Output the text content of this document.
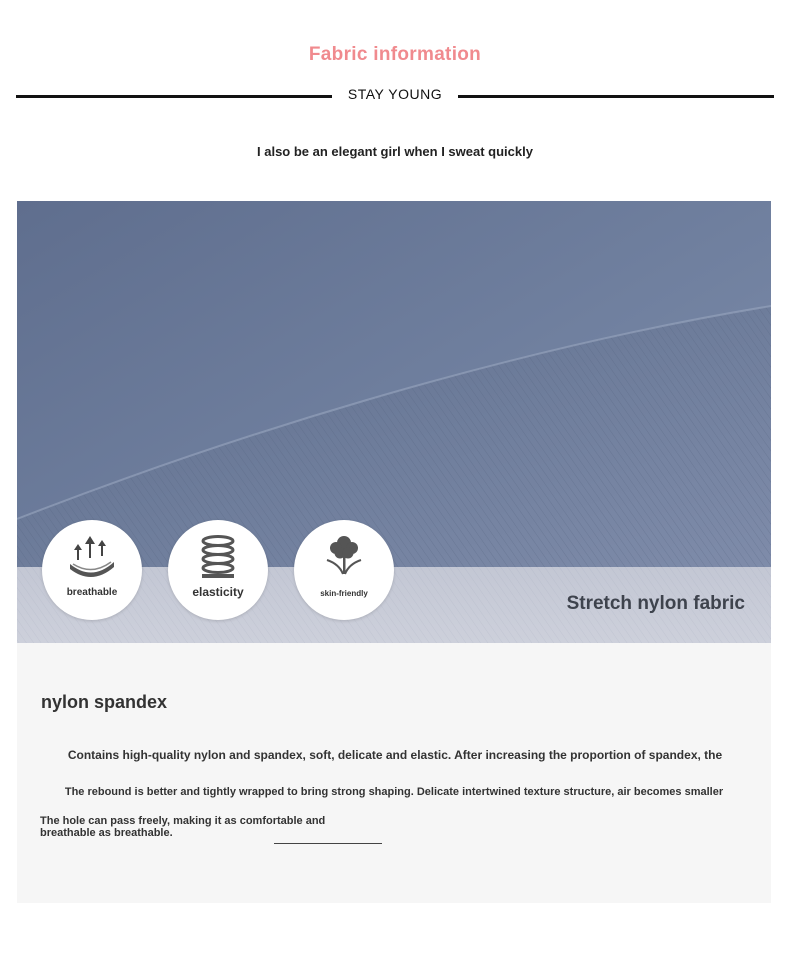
Fabric information
STAY YOUNG
I also be an elegant girl when I sweat quickly
breathable	elasticity	skin-friendly	Stretch nylon fabric
nylon spandex
Contains high-quality nylon and spandex, soft, delicate and elastic. After increasing the proportion of spandex, the
The rebound is better and tightly wrapped to bring strong shaping. Delicate intertwined texture structure, air becomes smaller
The hole can pass freely, making it as comfortable and breathable as breathable.
